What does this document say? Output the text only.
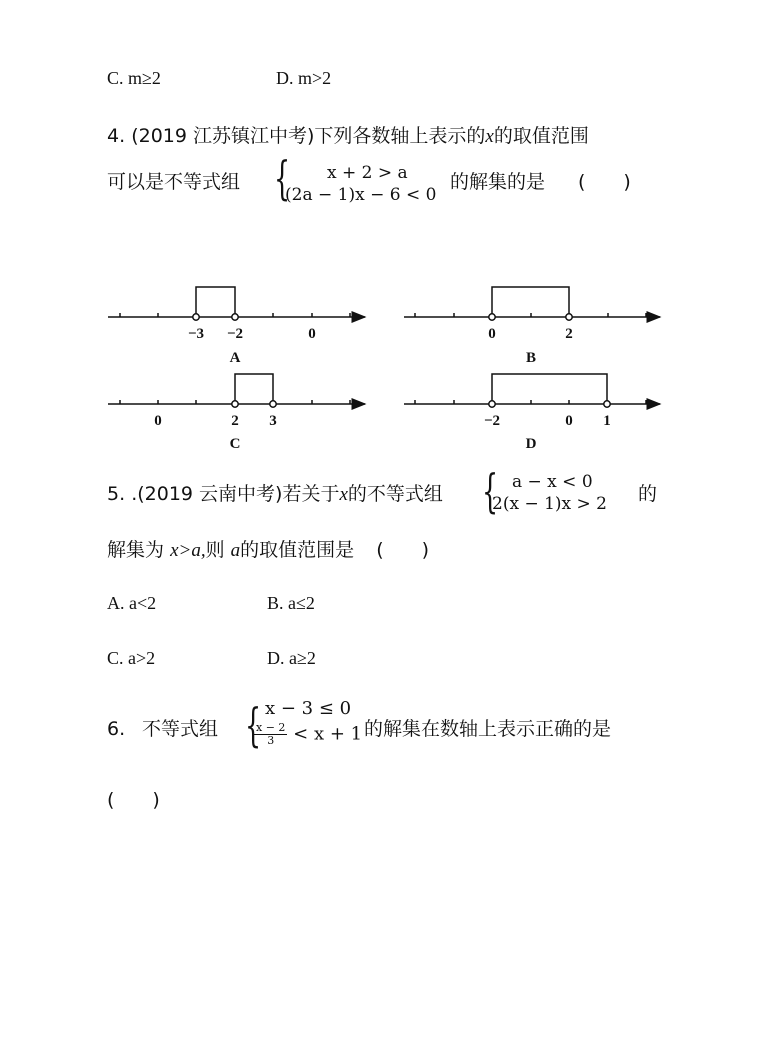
C. m≥2	D. m>2
4. (2019 江苏镇江中考)下列各数轴上表示的x的取值范围
可以是不等式组 { x + 2 > a
(2a − 1)x − 6 < 0
的解集的是 (　　)
−3 −2	0
A
0	2
B
0	2 3
C
−2	0 1
D
5. .(2019 云南中考)若关于x的不等式组 { a − x < 0
2(x − 1)x > 2 的
解集为 x>a,则 a的取值范围是 (　　)
A. a<2	B. a≤2
C. a>2	D. a≥2
6. 不等式组 { x − 3 ≤ 0
$\frac{x - 2}{3} < x + 1$ 的解集在数轴上表示正确的是
(　　)
